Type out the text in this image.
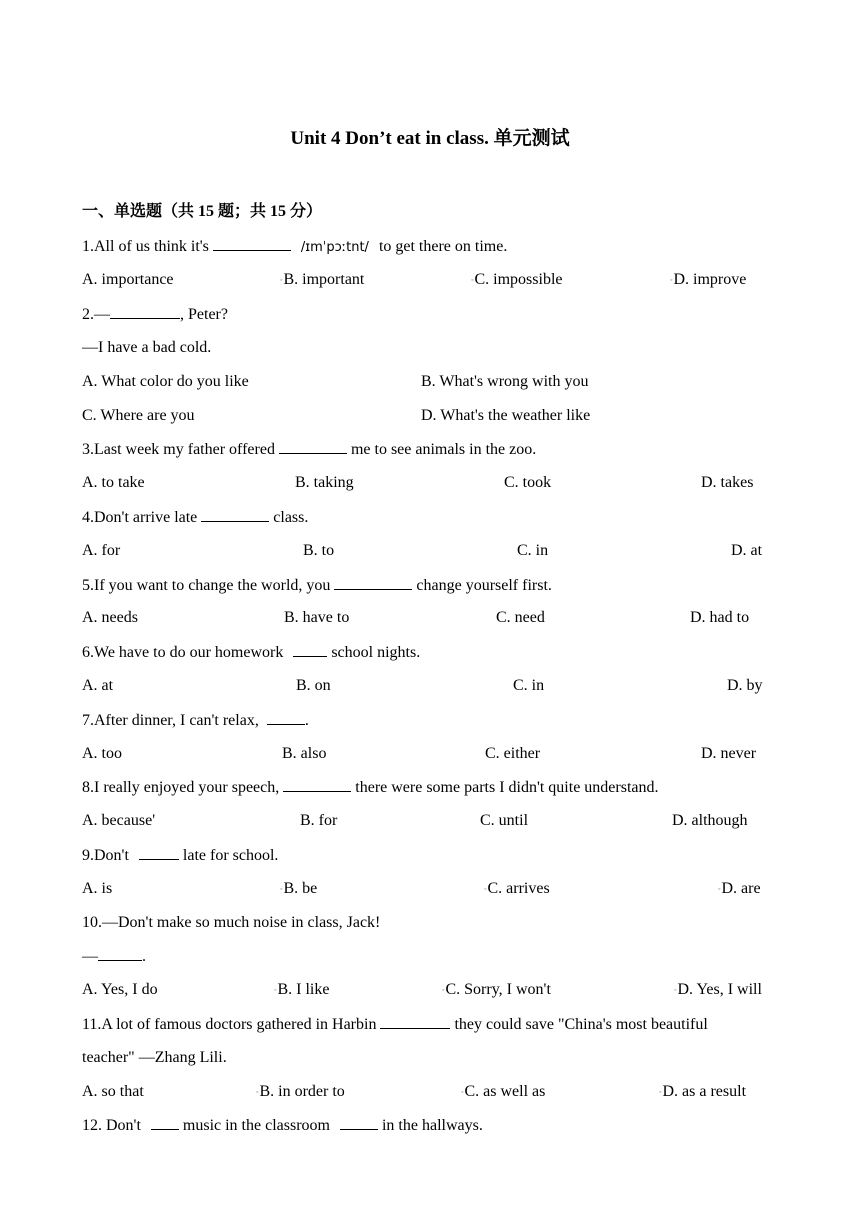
Unit 4 Don’t eat in class. 单元测试
一、单选题（共 15 题；共 15 分）
1.All of us think it's	/ɪmˈpɔːtnt/ to get there on time.
A. importance	◦B. important	◦C. impossible	◦D. improve
2.—	, Peter?
—I have a bad cold.
A. What color do you like	B. What's wrong with you
C. Where are you	D. What's the weather like
3.Last week my father offered	me to see animals in the zoo.
A. to take	B. taking	C. took	D. takes
4.Don't arrive late	class.
A. for	B. to	C. in	D. at
5.If you want to change the world, you	change yourself first.
A. needs	B. have to	C. need	D. had to
6.We have to do our homework	school nights.
A. at	B. on	C. in	D. by
7.After dinner, I can't relax,	.
A. too	B. also	C. either	D. never
8.I really enjoyed your speech,	there were some parts I didn't quite understand.
A. because'	B. for	C. until	D. although
9.Don't	late for school.
A. is	◦B. be	◦C. arrives	◦D. are
10.—Don't make so much noise in class, Jack!
—	.
A. Yes, I do	◦B. I like	◦C. Sorry, I won't	◦D. Yes, I will
11.A lot of famous doctors gathered in Harbin	they could save "China's most beautiful
teacher" —Zhang Lili.
A. so that	◦B. in order to	◦C. as well as	◦D. as a result
12. Don't  music in the classroom	in the hallways.
